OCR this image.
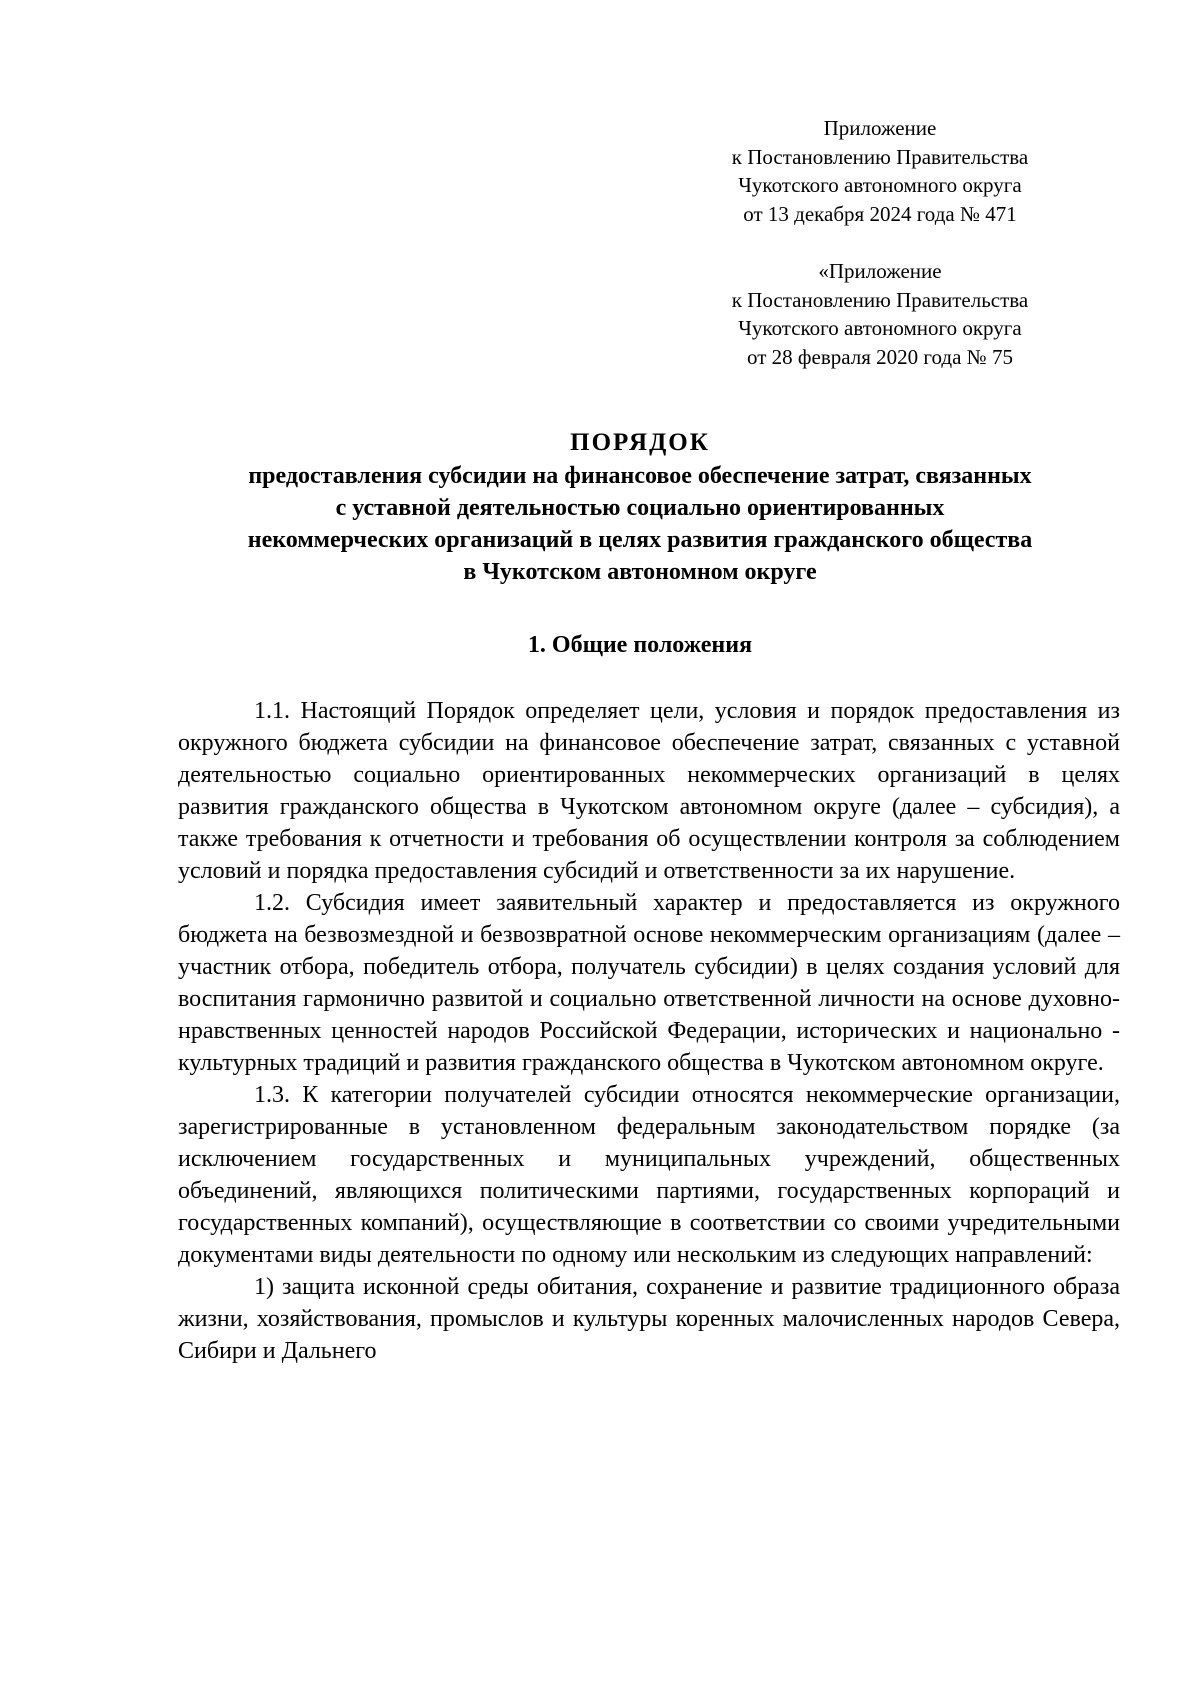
Приложение
к Постановлению Правительства
Чукотского автономного округа
от 13 декабря 2024 года № 471
«Приложение
к Постановлению Правительства
Чукотского автономного округа
от 28 февраля 2020 года № 75
ПОРЯДОК
предоставления субсидии на финансовое обеспечение затрат, связанных
с уставной деятельностью социально ориентированных
некоммерческих организаций в целях развития гражданского общества
в Чукотском автономном округе
1. Общие положения

1.1. Настоящий Порядок определяет цели, условия и порядок предоставления из окружного бюджета субсидии на финансовое обеспечение затрат, связанных с уставной деятельностью социально ориентированных некоммерческих организаций в целях развития гражданского общества в Чукотском автономном округе (далее – субсидия), а также требования к отчетности и требования об осуществлении контроля за соблюдением условий и порядка предоставления субсидий и ответственности за их нарушение.

1.2. Субсидия имеет заявительный характер и предоставляется из окружного бюджета на безвозмездной и безвозвратной основе некоммерческим организациям (далее – участник отбора, победитель отбора, получатель субсидии) в целях создания условий для воспитания гармонично развитой и социально ответственной личности на основе духовно-нравственных ценностей народов Российской Федерации, исторических и национально - культурных традиций и развития гражданского общества в Чукотском автономном округе.

1.3. К категории получателей субсидии относятся некоммерческие организации, зарегистрированные в установленном федеральным законодательством порядке (за исключением государственных и муниципальных учреждений, общественных объединений, являющихся политическими партиями, государственных корпораций и государственных компаний), осуществляющие в соответствии со своими учредительными документами виды деятельности по одному или нескольким из следующих направлений:

1) защита исконной среды обитания, сохранение и развитие традиционного образа жизни, хозяйствования, промыслов и культуры коренных малочисленных народов Севера, Сибири и Дальнего
